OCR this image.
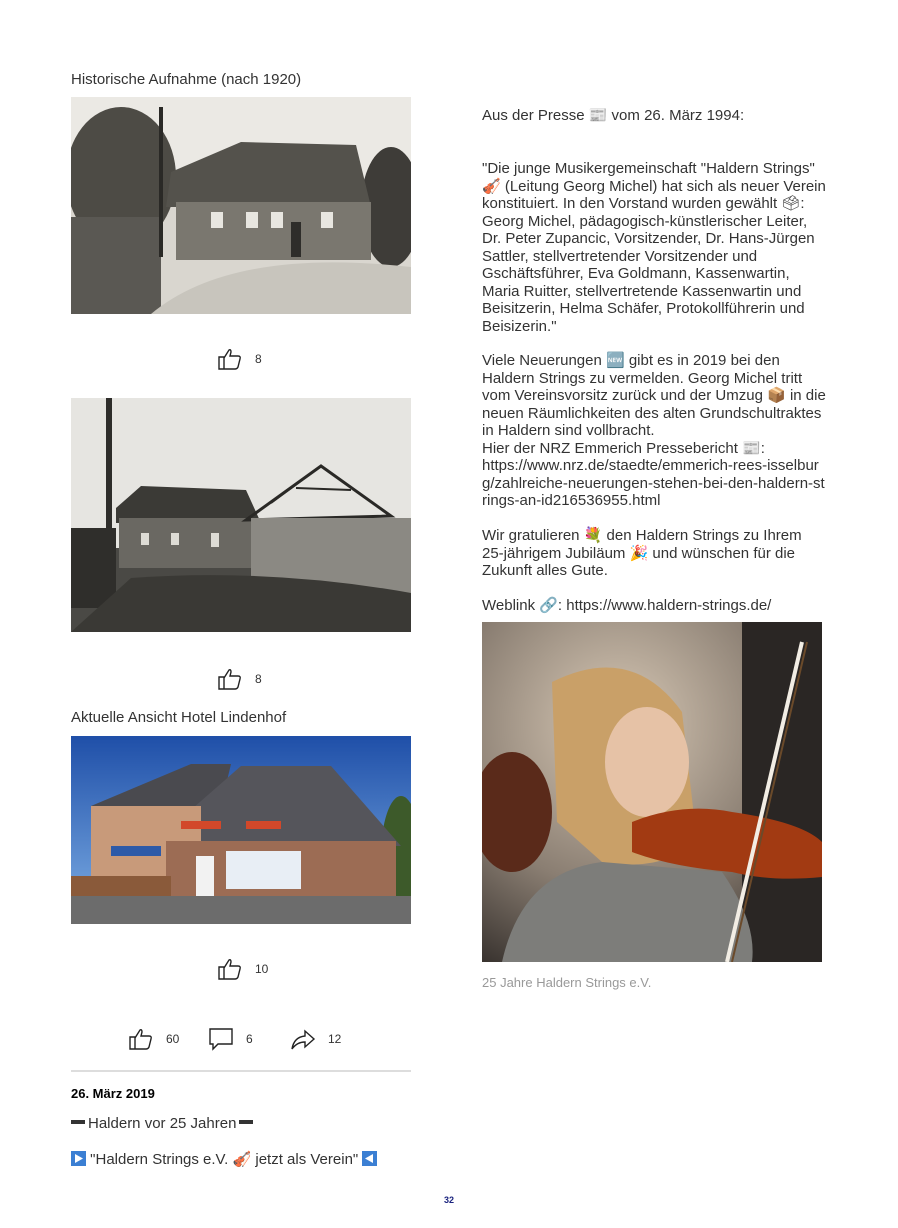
Historische Aufnahme (nach 1920)
8
8
Aktuelle Ansicht Hotel Lindenhof
10
60	6	12
26. März 2019
Haldern vor 25 Jahren
"Haldern Strings e.V. 🎻 jetzt als Verein"

Aus der Presse 📰 vom 26. März 1994:

"Die junge Musikergemeinschaft "Haldern Strings" 🎻 (Leitung Georg Michel) hat sich als neuer Verein konstituiert. In den Vorstand wurden gewählt 🗳: Georg Michel, pädagogisch-künstlerischer Leiter, Dr. Peter Zupancic, Vorsitzender, Dr. Hans-Jürgen Sattler, stellvertretender Vorsitzender und Gschäftsführer, Eva Goldmann, Kassenwartin, Maria Ruitter, stellvertretende Kassenwartin und Beisitzerin, Helma Schäfer, Protokollführerin und Beisizerin."

Viele Neuerungen 🆕 gibt es in 2019 bei den Haldern Strings zu vermelden. Georg Michel tritt vom Vereinsvorsitz zurück und der Umzug 📦 in die neuen Räumlichkeiten des alten Grundschultraktes in Haldern sind vollbracht.

Hier der NRZ Emmerich Pressebericht 📰:

https://www.nrz.de/staedte/emmerich-rees-isselburg/zahlreiche-neuerungen-stehen-bei-den-haldern-strings-an-id216536955.html

Wir gratulieren 💐 den Haldern Strings zu Ihrem 25-jährigem Jubiläum 🎉 und wünschen für die Zukunft alles Gute.

Weblink 🔗: https://www.haldern-strings.de/

25 Jahre Haldern Strings e.V.
32
